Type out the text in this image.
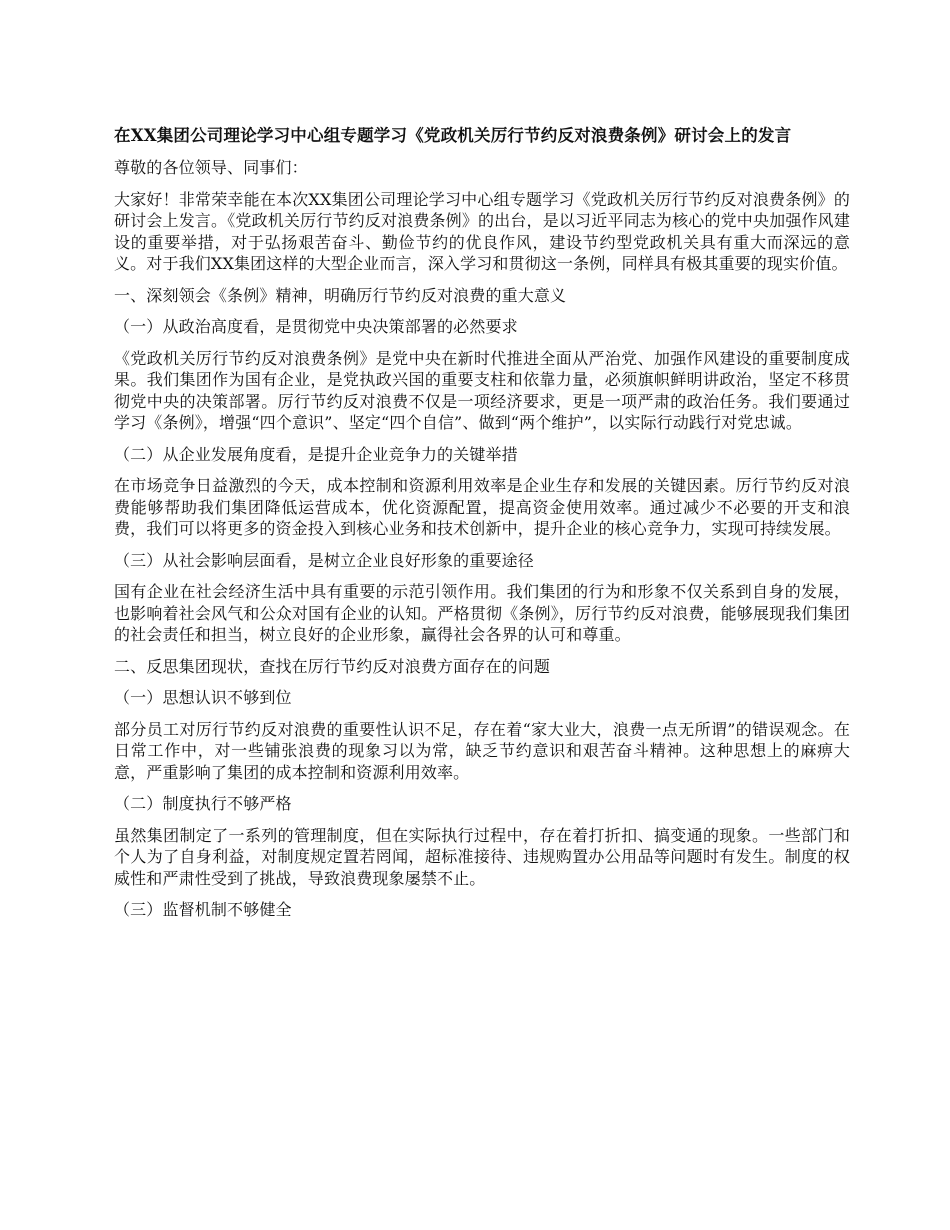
在XX集团公司理论学习中心组专题学习《党政机关厉行节约反对浪费条例》研讨会上的发言
尊敬的各位领导、同事们：
大家好！非常荣幸能在本次XX集团公司理论学习中心组专题学习《党政机关厉行节约反对浪费条例》的研讨会上发言。《党政机关厉行节约反对浪费条例》的出台，是以习近平同志为核心的党中央加强作风建设的重要举措，对于弘扬艰苦奋斗、勤俭节约的优良作风，建设节约型党政机关具有重大而深远的意义。对于我们XX集团这样的大型企业而言，深入学习和贯彻这一条例，同样具有极其重要的现实价值。
一、深刻领会《条例》精神，明确厉行节约反对浪费的重大意义
（一）从政治高度看，是贯彻党中央决策部署的必然要求
《党政机关厉行节约反对浪费条例》是党中央在新时代推进全面从严治党、加强作风建设的重要制度成果。我们集团作为国有企业，是党执政兴国的重要支柱和依靠力量，必须旗帜鲜明讲政治，坚定不移贯彻党中央的决策部署。厉行节约反对浪费不仅是一项经济要求，更是一项严肃的政治任务。我们要通过学习《条例》，增强“四个意识”、坚定“四个自信”、做到“两个维护”，以实际行动践行对党忠诚。
（二）从企业发展角度看，是提升企业竞争力的关键举措
在市场竞争日益激烈的今天，成本控制和资源利用效率是企业生存和发展的关键因素。厉行节约反对浪费能够帮助我们集团降低运营成本，优化资源配置，提高资金使用效率。通过减少不必要的开支和浪费，我们可以将更多的资金投入到核心业务和技术创新中，提升企业的核心竞争力，实现可持续发展。
（三）从社会影响层面看，是树立企业良好形象的重要途径
国有企业在社会经济生活中具有重要的示范引领作用。我们集团的行为和形象不仅关系到自身的发展，也影响着社会风气和公众对国有企业的认知。严格贯彻《条例》，厉行节约反对浪费，能够展现我们集团的社会责任和担当，树立良好的企业形象，赢得社会各界的认可和尊重。
二、反思集团现状，查找在厉行节约反对浪费方面存在的问题
（一）思想认识不够到位
部分员工对厉行节约反对浪费的重要性认识不足，存在着“家大业大，浪费一点无所谓”的错误观念。在日常工作中，对一些铺张浪费的现象习以为常，缺乏节约意识和艰苦奋斗精神。这种思想上的麻痹大意，严重影响了集团的成本控制和资源利用效率。
（二）制度执行不够严格
虽然集团制定了一系列的管理制度，但在实际执行过程中，存在着打折扣、搞变通的现象。一些部门和个人为了自身利益，对制度规定置若罔闻，超标准接待、违规购置办公用品等问题时有发生。制度的权威性和严肃性受到了挑战，导致浪费现象屡禁不止。
（三）监督机制不够健全
